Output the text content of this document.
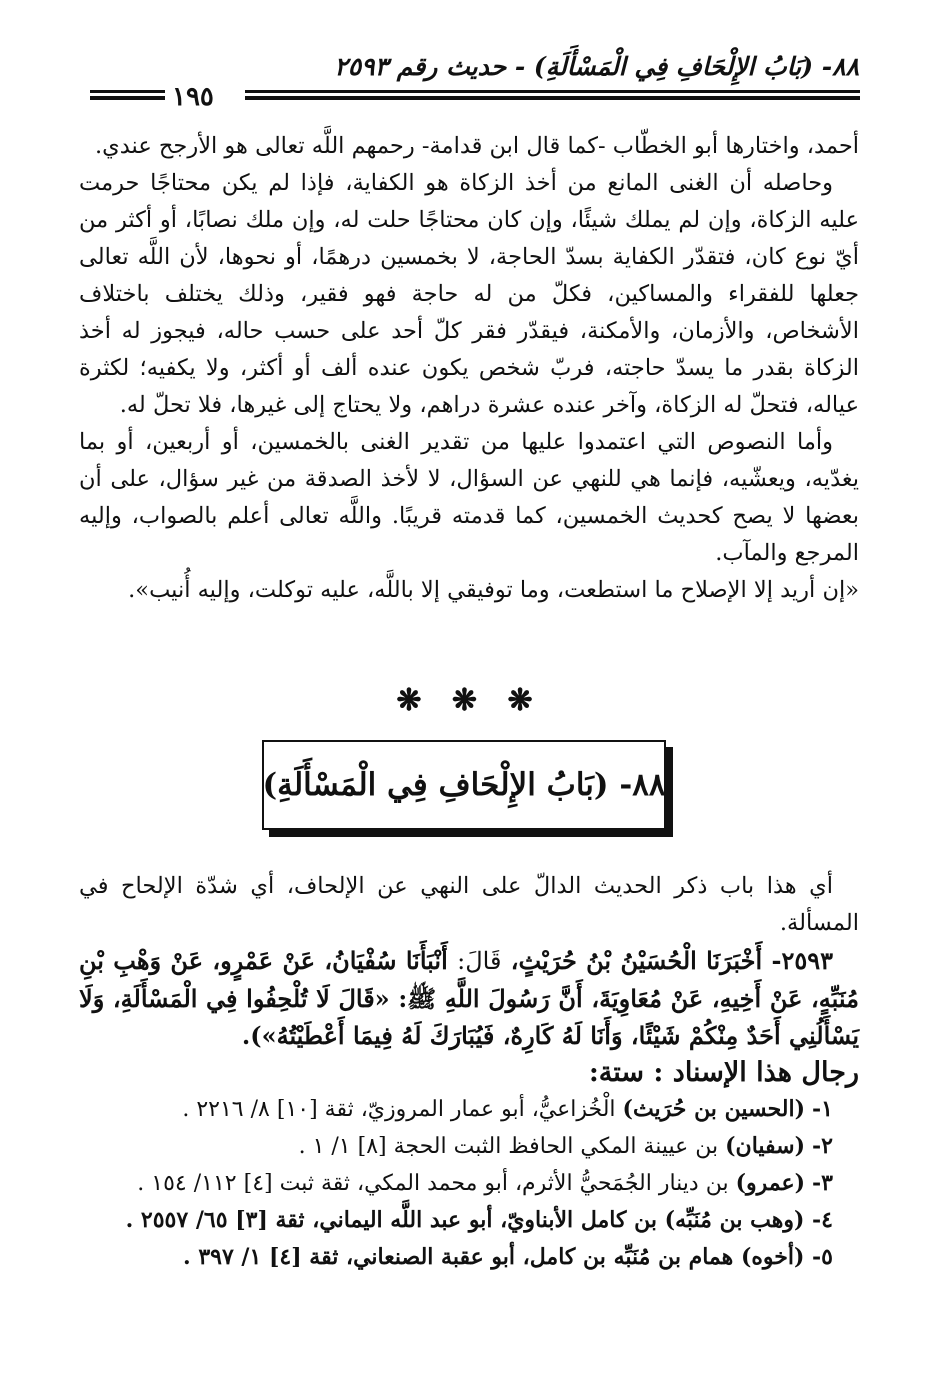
٨٨- (بَابُ الإِلْحَافِ فِي الْمَسْأَلَةِ) - حديث رقم ٢٥٩٣
١٩٥

أحمد، واختارها أبو الخطّاب -كما قال ابن قدامة- رحمهم اللَّه تعالى هو الأرجح عندي.

وحاصله أن الغنى المانع من أخذ الزكاة هو الكفاية، فإذا لم يكن محتاجًا حرمت عليه الزكاة، وإن لم يملك شيئًا، وإن كان محتاجًا حلت له، وإن ملك نصابًا، أو أكثر من أيّ نوع كان، فتقدّر الكفاية بسدّ الحاجة، لا بخمسين درهمًا، أو نحوها، لأن اللَّه تعالى جعلها للفقراء والمساكين، فكلّ من له حاجة فهو فقير، وذلك يختلف باختلاف الأشخاص، والأزمان، والأمكنة، فيقدّر فقر كلّ أحد على حسب حاله، فيجوز له أخذ الزكاة بقدر ما يسدّ حاجته، فربّ شخص يكون عنده ألف أو أكثر، ولا يكفيه؛ لكثرة عياله، فتحلّ له الزكاة، وآخر عنده عشرة دراهم، ولا يحتاج إلى غيرها، فلا تحلّ له.

وأما النصوص التي اعتمدوا عليها من تقدير الغنى بالخمسين، أو أربعين، أو بما يغدّيه، ويعشّيه، فإنما هي للنهي عن السؤال، لا لأخذ الصدقة من غير سؤال، على أن بعضها لا يصح كحديث الخمسين، كما قدمته قريبًا. واللَّه تعالى أعلم بالصواب، وإليه المرجع والمآب.

«إن أريد إلا الإصلاح ما استطعت، وما توفيقي إلا باللَّه، عليه توكلت، وإليه أُنيب».

❋ ❋ ❋
٨٨- (بَابُ الإِلْحَافِ فِي الْمَسْأَلَةِ)

أي هذا باب ذكر الحديث الدالّ على النهي عن الإلحاف، أي شدّة الإلحاح في المسألة.

٢٥٩٣- أَخْبَرَنَا الْحُسَيْنُ بْنُ حُرَيْثٍ، قَالَ: أَنْبَأَنَا سُفْيَانُ، عَنْ عَمْرٍو، عَنْ وَهْبِ بْنِ مُنَبِّهٍ، عَنْ أَخِيهِ، عَنْ مُعَاوِيَةَ، أَنَّ رَسُولَ اللَّهِ ﷺ: «قَالَ لَا تُلْحِفُوا فِي الْمَسْأَلَةِ، وَلَا يَسْأَلُنِي أَحَدٌ مِنْكُمْ شَيْئًا، وَأَنَا لَهُ كَارِهٌ، فَيُبَارَكَ لَهُ فِيمَا أَعْطَيْتُهُ»).

رجال هذا الإسناد : ستة:

١- (الحسين بن حُرَيث) الْخُزاعيُّ، أبو عمار المروزيّ، ثقة [١٠] ٨/ ٢٢١٦ .
٢- (سفيان) بن عيينة المكي الحافظ الثبت الحجة [٨] ١/ ١ .
٣- (عمرو) بن دينار الجُمَحيُّ الأثرم، أبو محمد المكي، ثقة ثبت [٤] ١١٢/ ١٥٤ .
٤- (وهب بن مُنَبِّه) بن كامل الأبناويّ، أبو عبد اللَّه اليماني، ثقة [٣] ٦٥/ ٢٥٥٧ .
٥- (أخوه) همام بن مُنَبِّه بن كامل، أبو عقبة الصنعاني، ثقة [٤] ١/ ٣٩٧ .
